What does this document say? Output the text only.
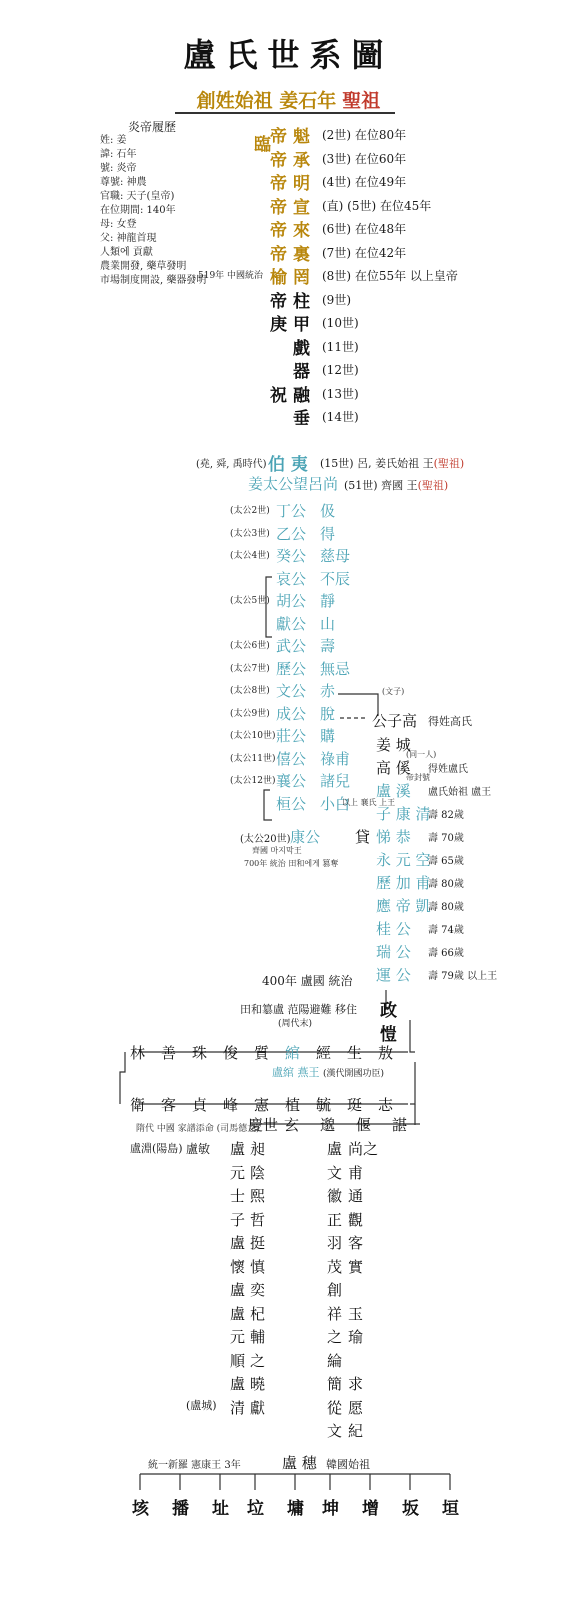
盧氏世系圖
創姓始祖 姜石年 聖祖
炎帝履歷
姓: 姜
諱: 石年
號: 炎帝
尊號: 神農
官職: 天子(皇帝)
在位期間: 140年
母: 女登
父: 神龍首現
人類에 貢獻
農業開發, 藥草發明
市場制度開設, 藥器發明
帝 魁 (2世) 在位80年
臨
帝 承 (3世) 在位60年
帝 明 (4世) 在位49年
帝 宣 (直) (5世) 在位45年
帝 來 (6世) 在位48年
帝 裏 (7世) 在位42年
榆 罔 (8世) 在位55年 以上皇帝
519年 中國統治
帝 柱 (9世)
庚 甲 (10世)
戲 (11世)
器 (12世)
祝 融 (13世)
垂 (14世)
(堯, 舜, 禹時代) 伯 夷 (15世) 呂, 姜氏始祖 王(聖祖)
姜太公望呂尚 (51世) 齊國 王(聖祖)
(太公2世) 丁公 伋
(太公3世) 乙公 得
(太公4世) 癸公 慈母
哀公 不辰
(太公5世) 胡公 靜
獻公 山
(太公6世) 武公 壽
(太公7世) 歷公 無忌
(太公8世) 文公 赤
(太公9世) 成公 脫
(太公10世) 莊公 購
(太公11世) 僖公 祿甫
(太公12世) 襄公 諸兒
桓公 小白
以上 襄氏 上王
(太公20世) 康公 貸
齊國 마지막王
700年 統治 田和에게 篡奪
(文子)
公子高 得姓高氏
姜 城
高 傒 得姓盧氏
(同一人)
盧 溪 盧氏始祖 盧王
帝封號
子 康 清
壽 82歲
悌 恭 壽 70歲
永 元 空
壽 65歲
歷 加 甫
壽 80歲
應 帝 凱
壽 80歲
桂 公 壽 74歲
瑞 公 壽 66歲
運 公 壽 79歲 以上王
400年 盧國 統治
田和簒盧 范陽避難 移住
(周代末)
政
愷
林 善 珠 俊 質 綰 經 生 敖
盧綰 燕王 (漢代開國功臣)
衛 客 貞 峰 憲 植 毓 珽 志
慶世 玄 邈 偃 諶
隋代 中國 家譜添命 (司馬德文)
盧淵(陽島) 盧敏
(盧城)
盧
元
士
子
盧
懷
盧
盧
元
順
盧
清
昶
陰
熙
哲
挺
慎
奕
杞
輔
之
曉
獻
盧
文
徽
正
羽
茂
創
祥
之
綸
簡
從
文
尚之
甫
通
觀
客
實
玉
瑜
求
愿
紀
統一新羅 憲康王 3年	盧 穗 韓國始祖
垓 播 址 垃 墉 坤 增 坂 垣
